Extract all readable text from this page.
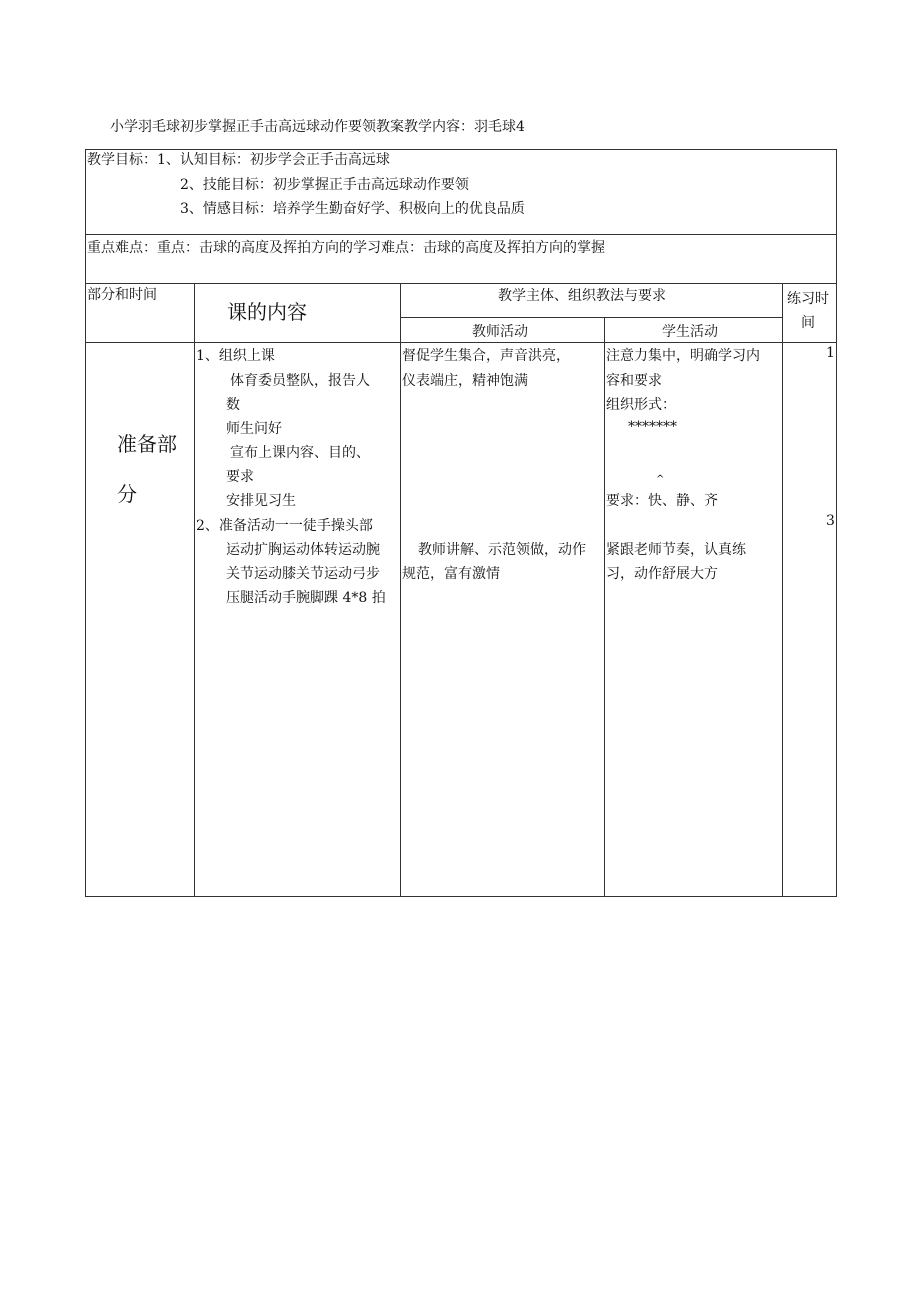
小学羽毛球初步掌握正手击高远球动作要领教案教学内容：羽毛球4
教学目标：1、认知目标：初步学会正手击高远球
2、技能目标：初步掌握正手击高远球动作要领
3、情感目标：培养学生勤奋好学、积极向上的优良品质
重点难点：重点：击球的高度及挥拍方向的学习难点：击球的高度及挥拍方向的掌握
部分和时间
课的内容
教学主体、组织教法与要求
教师活动	学生活动
练习时
间
准备部
分
1、组织上课
体育委员整队，报告人
数
师生问好
宣布上课内容、目的、
要求
安排见习生
2、准备活动一一徒手操头部
运动扩胸运动体转运动腕
关节运动膝关节运动弓步
压腿活动手腕脚踝 4*8 拍
督促学生集合，声音洪亮，
仪表端庄，精神饱满
教师讲解、示范领做，动作
规范，富有激情
注意力集中，明确学习内
容和要求
组织形式：
*******
^
要求：快、静、齐
紧跟老师节奏，认真练
习，动作舒展大方
1
3
